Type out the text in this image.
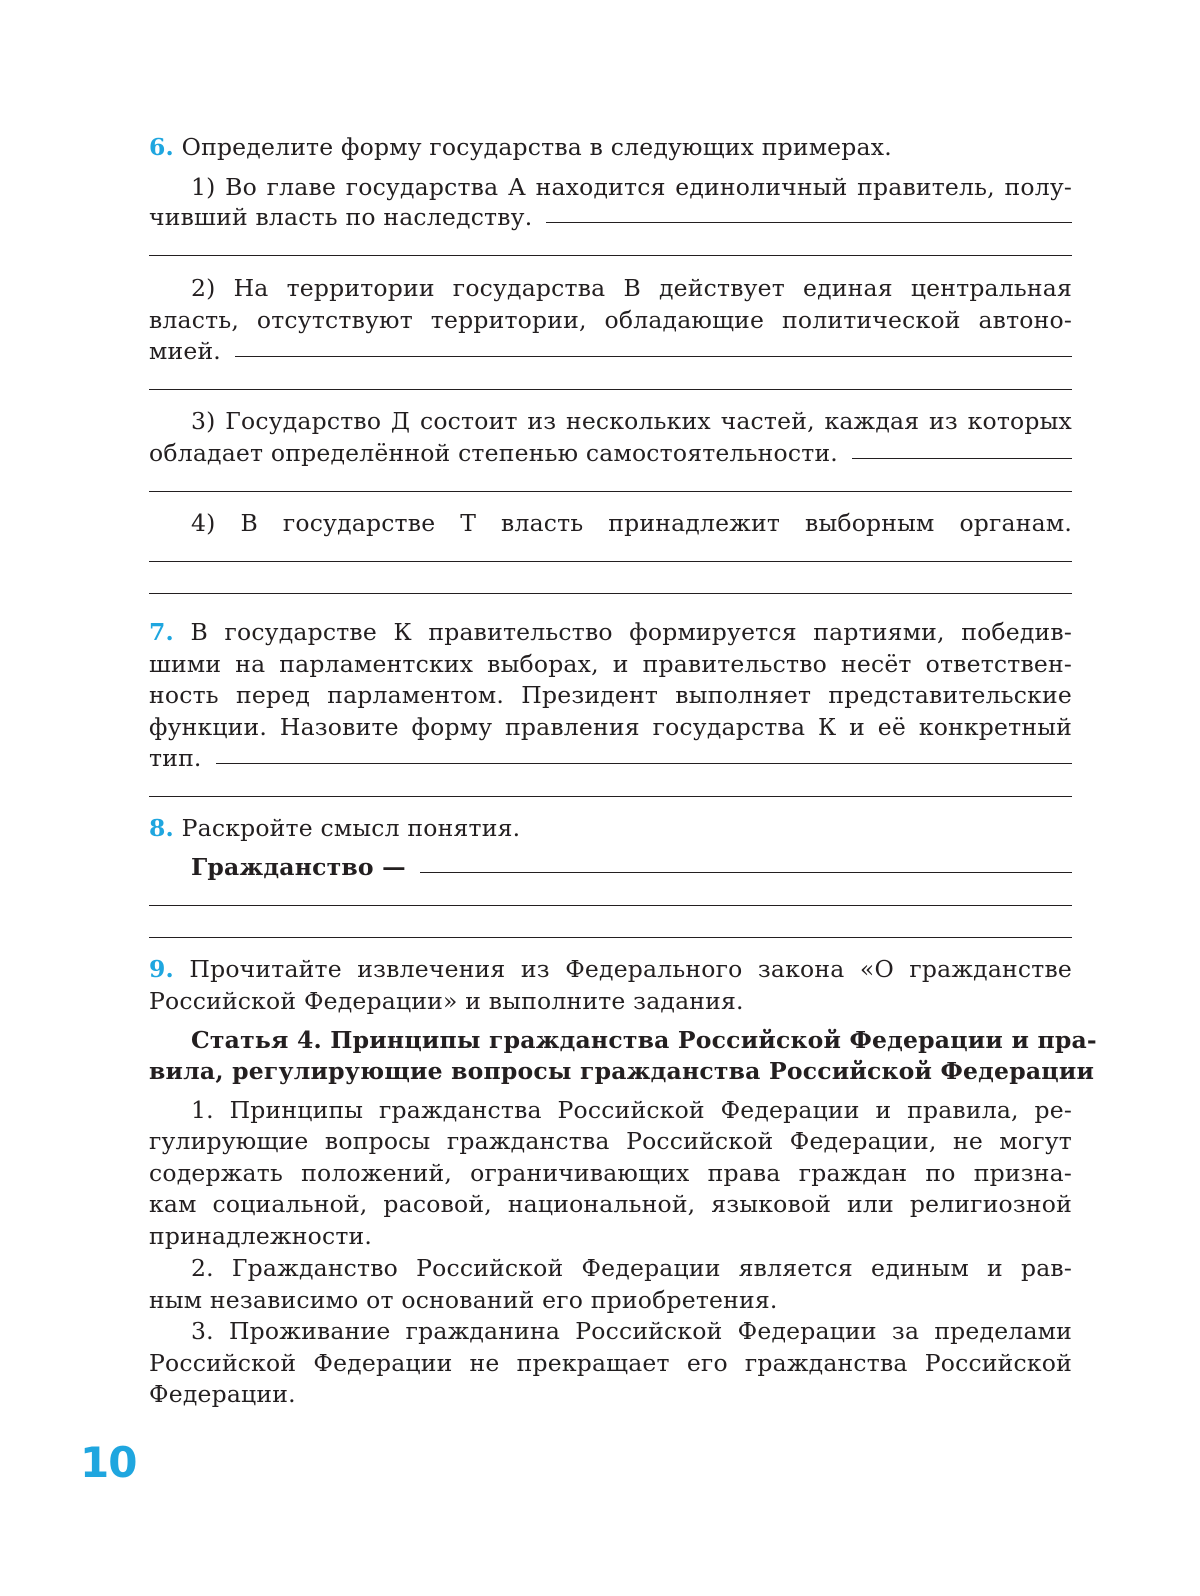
6. Определите форму государства в следующих примерах.
1) Во главе государства А находится единоличный правитель, полу-
чивший власть по наследству.
2) На территории государства В действует единая центральная
власть, отсутствуют территории, обладающие политической автоно-
мией.
3) Государство Д состоит из нескольких частей, каждая из которых
обладает определённой степенью самостоятельности.
4) В государстве Т власть принадлежит выборным органам.
7. В государстве К правительство формируется партиями, победив-
шими на парламентских выборах, и правительство несёт ответствен-
ность перед парламентом. Президент выполняет представительские
функции. Назовите форму правления государства К и её конкретный
тип.
8. Раскройте смысл понятия.
Гражданство —
9. Прочитайте извлечения из Федерального закона «О гражданстве
Российской Федерации» и выполните задания.
Статья 4. Принципы гражданства Российской Федерации и пра-
вила, регулирующие вопросы гражданства Российской Федерации
1. Принципы гражданства Российской Федерации и правила, ре-
гулирующие вопросы гражданства Российской Федерации, не могут
содержать положений, ограничивающих права граждан по призна-
кам социальной, расовой, национальной, языковой или религиозной
принадлежности.
2. Гражданство Российской Федерации является единым и рав-
ным независимо от оснований его приобретения.
3. Проживание гражданина Российской Федерации за пределами
Российской Федерации не прекращает его гражданства Российской
Федерации.
10
